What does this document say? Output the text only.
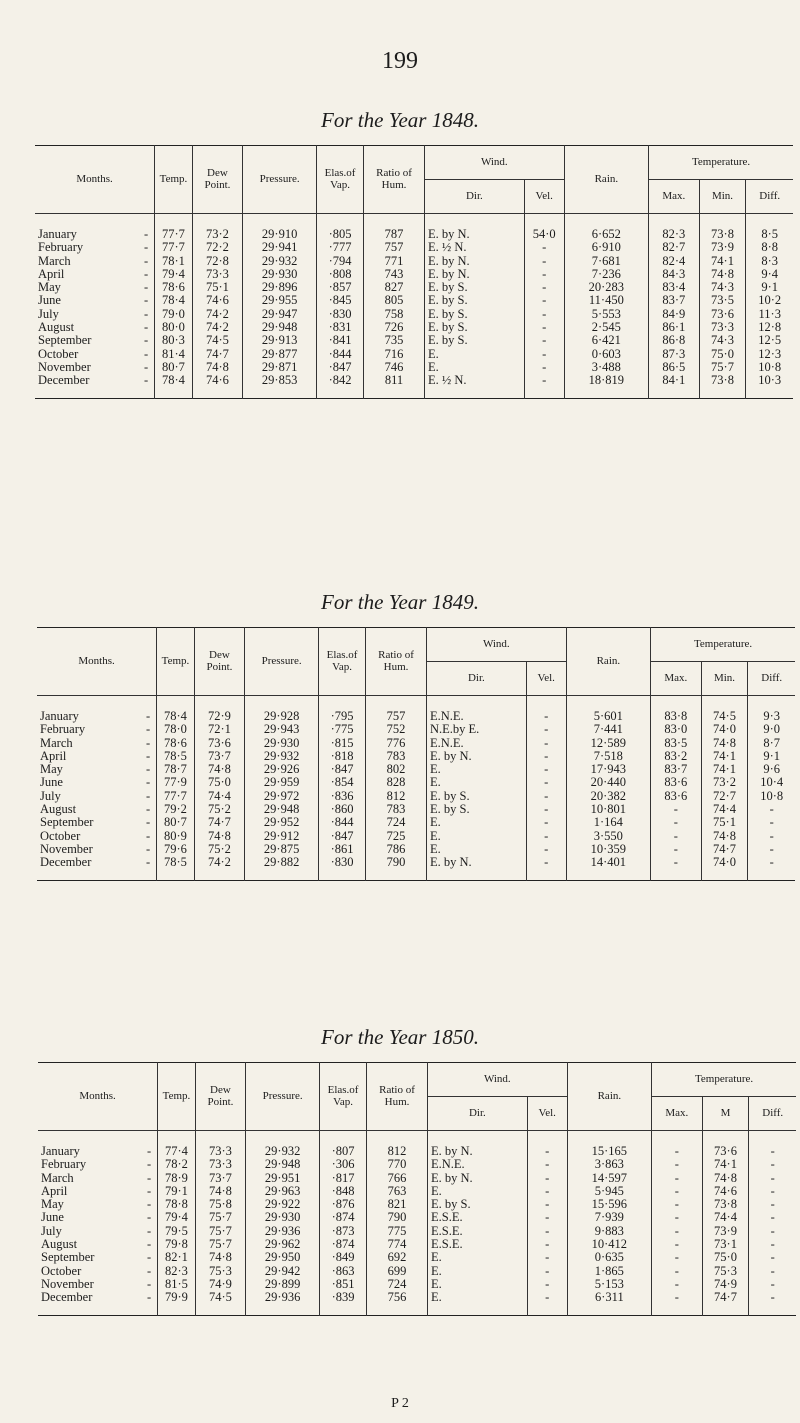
199
For the Year 1848.
Months.	Temp.	Dew Point.	Pressure.	Elas.of Vap.	Ratio of Hum.	Wind.		Rain.	Temperature.		
						Dir.	Vel.		Max.	Min.	Diff.
January -	77·7	73·2	29·910	·805	787	E. by N.	54·0	6·652	82·3	73·8	8·5
February -	77·7	72·2	29·941	·777	757	E. ½ N.	-	6·910	82·7	73·9	8·8
March -	78·1	72·8	29·932	·794	771	E. by N.	-	7·681	82·4	74·1	8·3
April -	79·4	73·3	29·930	·808	743	E. by N.	-	7·236	84·3	74·8	9·4
May -	78·6	75·1	29·896	·857	827	E. by S.	-	20·283	83·4	74·3	9·1
June -	78·4	74·6	29·955	·845	805	E. by S.	-	11·450	83·7	73·5	10·2
July -	79·0	74·2	29·947	·830	758	E. by S.	-	5·553	84·9	73·6	11·3
August -	80·0	74·2	29·948	·831	726	E. by S.	-	2·545	86·1	73·3	12·8
September -	80·3	74·5	29·913	·841	735	E. by S.	-	6·421	86·8	74·3	12·5
October -	81·4	74·7	29·877	·844	716	E.	-	0·603	87·3	75·0	12·3
November -	80·7	74·8	29·871	·847	746	E.	-	3·488	86·5	75·7	10·8
December -	78·4	74·6	29·853	·842	811	E. ½ N.	-	18·819	84·1	73·8	10·3
For the Year 1849.
Months.	Temp.	Dew Point.	Pressure.	Elas.of Vap.	Ratio of Hum.	Wind.		Rain.	Temperature.		
						Dir.	Vel.		Max.	Min.	Diff.
January -	78·4	72·9	29·928	·795	757	E.N.E.	-	5·601	83·8	74·5	9·3
February -	78·0	72·1	29·943	·775	752	N.E.by E.	-	7·441	83·0	74·0	9·0
March -	78·6	73·6	29·930	·815	776	E.N.E.	-	12·589	83·5	74·8	8·7
April -	78·5	73·7	29·932	·818	783	E. by N.	-	7·518	83·2	74·1	9·1
May -	78·7	74·8	29·926	·847	802	E.	-	17·943	83·7	74·1	9·6
June -	77·9	75·0	29·959	·854	828	E.	-	20·440	83·6	73·2	10·4
July -	77·7	74·4	29·972	·836	812	E. by S.	-	20·382	83·6	72·7	10·8
August -	79·2	75·2	29·948	·860	783	E. by S.	-	10·801	-	74·4	-
September -	80·7	74·7	29·952	·844	724	E.	-	1·164	-	75·1	-
October -	80·9	74·8	29·912	·847	725	E.	-	3·550	-	74·8	-
November -	79·6	75·2	29·875	·861	786	E.	-	10·359	-	74·7	-
December -	78·5	74·2	29·882	·830	790	E. by N.	-	14·401	-	74·0	-
For the Year 1850.
Months.	Temp.	Dew Point.	Pressure.	Elas.of Vap.	Ratio of Hum.	Wind.		Rain.	Temperature.		
						Dir.	Vel.		Max.	M	Diff.
January -	77·4	73·3	29·932	·807	812	E. by N.	-	15·165	-	73·6	-
February -	78·2	73·3	29·948	·306	770	E.N.E.	-	3·863	-	74·1	-
March -	78·9	73·7	29·951	·817	766	E. by N.	-	14·597	-	74·8	-
April -	79·1	74·8	29·963	·848	763	E.	-	5·945	-	74·6	-
May -	78·8	75·8	29·922	·876	821	E. by S.	-	15·596	-	73·8	-
June -	79·4	75·7	29·930	·874	790	E.S.E.	-	7·939	-	74·4	-
July -	79·5	75·7	29·936	·873	775	E.S.E.	-	9·883	-	73·9	-
August -	79·8	75·7	29·962	·874	774	E.S.E.	-	10·412	-	73·1	-
September -	82·1	74·8	29·950	·849	692	E.	-	0·635	-	75·0	-
October -	82·3	75·3	29·942	·863	699	E.	-	1·865	-	75·3	-
November -	81·5	74·9	29·899	·851	724	E.	-	5·153	-	74·9	-
December -	79·9	74·5	29·936	·839	756	E.	-	6·311	-	74·7	-
P 2
